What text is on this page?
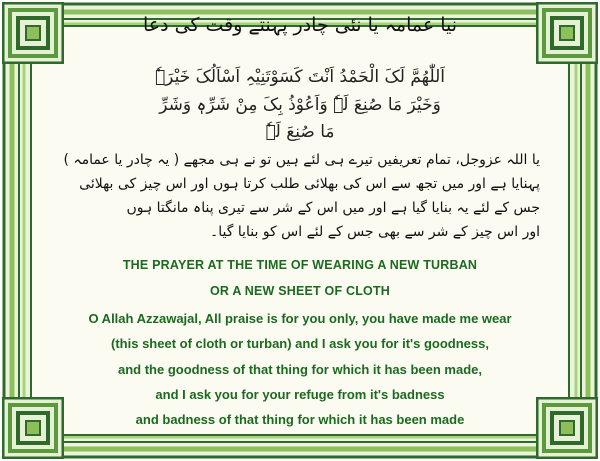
نیا عمامہ یا نئی چادر پہنتے وقت کی دعا
اَللّٰھُمَّ لَکَ الْحَمْدُ اَنْتَ کَسَوْتَنِیْہِ اَسْاَلُکَ خَیْرَہٗ
وَخَیْرَ مَا صُنِعَ لَہٗ وَاَعُوْذُ بِکَ مِنْ شَرِّہٖ وَشَرِّ
مَا صُنِعَ لَہٗ
یا اللہ عزوجل، تمام تعریفیں تیرے ہی لئے ہیں تو نے ہی مجھے ( یہ چادر یا عمامہ )
پہنایا ہے اور میں تجھ سے اس کی بھلائی طلب کرتا ہوں اور اس چیز کی بھلائی
جس کے لئے یہ بنایا گیا ہے اور میں اس کے شر سے تیری پناہ مانگتا ہوں
اور اس چیز کے شر سے بھی جس کے لئے اس کو بنایا گیا۔
THE PRAYER AT THE TIME OF WEARING A NEW TURBAN
OR A NEW SHEET OF CLOTH
O Allah Azzawajal, All praise is for you only, you have made me wear
(this sheet of cloth or turban) and I ask you for it's goodness,
and the goodness of that thing for which it has been made,
and I ask you for your refuge from it's badness
and badness of that thing for which it has been made
